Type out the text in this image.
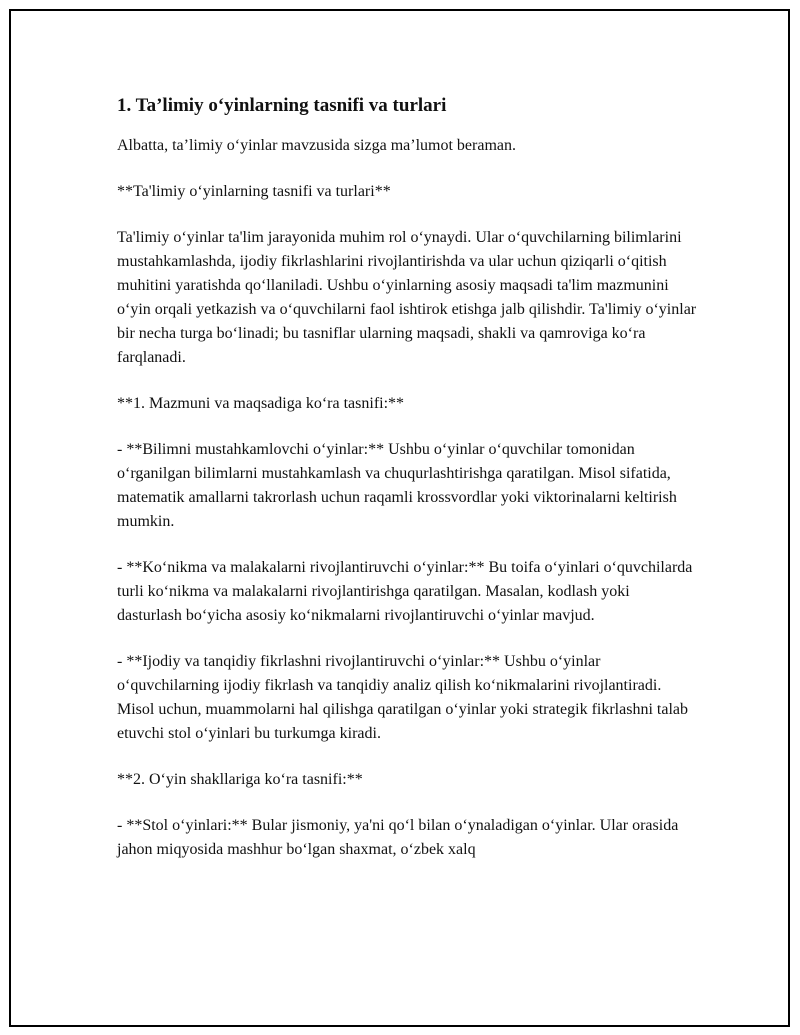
1. Ta’limiy o‘yinlarning tasnifi va turlari

Albatta, ta’limiy o‘yinlar mavzusida sizga ma’lumot beraman.

**Ta'limiy o‘yinlarning tasnifi va turlari**

Ta'limiy o‘yinlar ta'lim jarayonida muhim rol o‘ynaydi. Ular o‘quvchilarning bilimlarini mustahkamlashda, ijodiy fikrlashlarini rivojlantirishda va ular uchun qiziqarli o‘qitish muhitini yaratishda qo‘llaniladi. Ushbu o‘yinlarning asosiy maqsadi ta'lim mazmunini o‘yin orqali yetkazish va o‘quvchilarni faol ishtirok etishga jalb qilishdir. Ta'limiy o‘yinlar bir necha turga bo‘linadi; bu tasniflar ularning maqsadi, shakli va qamroviga ko‘ra farqlanadi.

**1. Mazmuni va maqsadiga ko‘ra tasnifi:**

- **Bilimni mustahkamlovchi o‘yinlar:** Ushbu o‘yinlar o‘quvchilar tomonidan o‘rganilgan bilimlarni mustahkamlash va chuqurlashtirishga qaratilgan. Misol sifatida, matematik amallarni takrorlash uchun raqamli krossvordlar yoki viktorinalarni keltirish mumkin.

- **Ko‘nikma va malakalarni rivojlantiruvchi o‘yinlar:** Bu toifa o‘yinlari o‘quvchilarda turli ko‘nikma va malakalarni rivojlantirishga qaratilgan. Masalan, kodlash yoki dasturlash bo‘yicha asosiy ko‘nikmalarni rivojlantiruvchi o‘yinlar mavjud.

- **Ijodiy va tanqidiy fikrlashni rivojlantiruvchi o‘yinlar:** Ushbu o‘yinlar o‘quvchilarning ijodiy fikrlash va tanqidiy analiz qilish ko‘nikmalarini rivojlantiradi. Misol uchun, muammolarni hal qilishga qaratilgan o‘yinlar yoki strategik fikrlashni talab etuvchi stol o‘yinlari bu turkumga kiradi.

**2. O‘yin shakllariga ko‘ra tasnifi:**

- **Stol o‘yinlari:** Bular jismoniy, ya'ni qo‘l bilan o‘ynaladigan o‘yinlar. Ular orasida jahon miqyosida mashhur bo‘lgan shaxmat, o‘zbek xalq
